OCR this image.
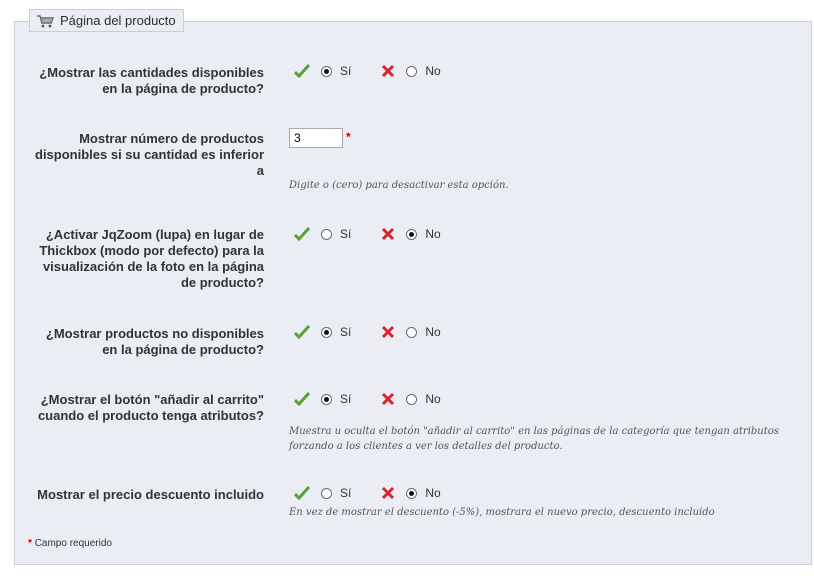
Página del producto
¿Mostrar las cantidades disponibles
en la página de producto?
Sí	No
Mostrar número de productos
disponibles si su cantidad es inferior
a
3
*
Digite o (cero) para desactivar esta opción.
¿Activar JqZoom (lupa) en lugar de
Thickbox (modo por defecto) para la
visualización de la foto en la página
de producto?
Sí	No
¿Mostrar productos no disponibles
en la página de producto?
Sí	No
¿Mostrar el botón "añadir al carrito"
cuando el producto tenga atributos?
Sí	No
Muestra u oculta el botón "añadir al carrito" en las páginas de la categoría que tengan atributos
forzando a los clientes a ver los detalles del producto.
Mostrar el precio descuento incluido	Sí	No
En vez de mostrar el descuento (-5%), mostrara el nuevo precio, descuento incluido
* Campo requerido
